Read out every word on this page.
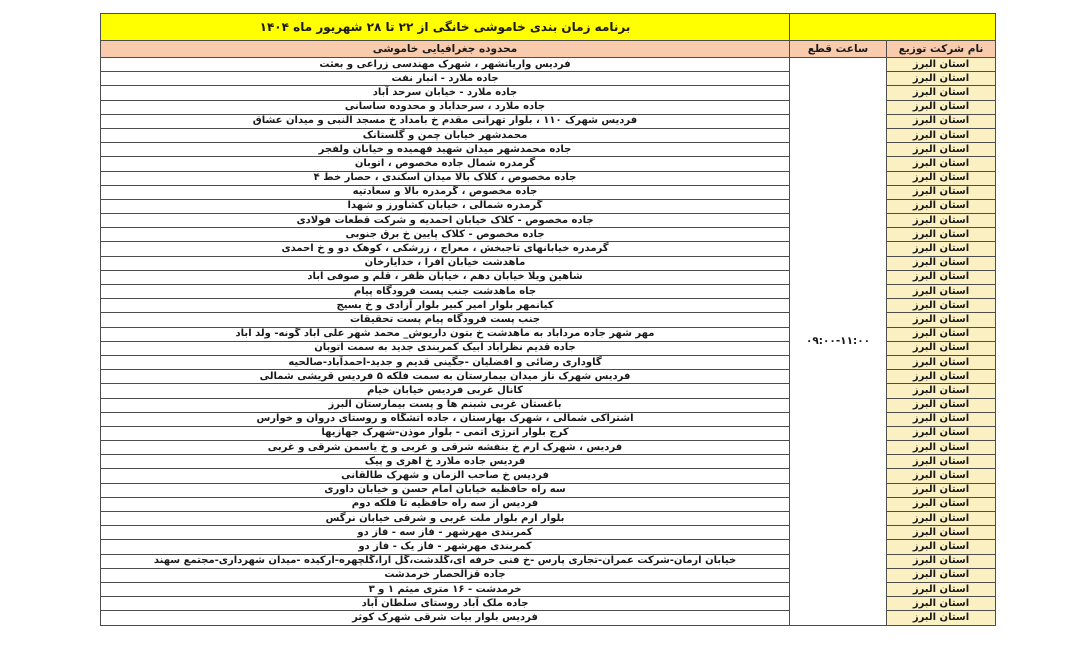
برنامه زمان بندی خاموشی خانگی از ۲۲ تا ۲۸ شهریور ماه ۱۴۰۴
نام شرکت توزیع
ساعت قطع
محدوده جغرافیایی خاموشی
۰۹:۰۰-۱۱:۰۰
استان البرز
فردیس واریانشهر ، شهرک مهندسی زراعی و بعثت
استان البرز
جاده ملارد - انبار نفت
استان البرز
جاده ملارد - خیابان سرحد آباد
استان البرز
جاده ملارد ، سرحدآباد و محدوده ساسانی
استان البرز
فردیس شهرک ۱۱۰ ، بلوار تهرانی مقدم خ بامداد خ مسجد النبی و میدان عشاق
استان البرز
محمدشهر خیابان چمن و گلستانک
استان البرز
جاده محمدشهر میدان شهید فهمیده و خیابان ولفجر
استان البرز
گرمدره شمال جاده مخصوص ، اتوبان
استان البرز
جاده مخصوص ، کلاک بالا میدان اسکندی ، حصار خط ۴
استان البرز
جاده مخصوص ، گرمدره بالا و سعادتیه
استان البرز
گرمدره شمالی ، خیابان کشاورز و شهدا
استان البرز
جاده مخصوص - کلاک خیابان احمدیه و شرکت قطعات فولادی
استان البرز
جاده مخصوص - کلاک پایین خ برق جنوبی
استان البرز
گرمدره خیابانهای تاجبخش ، معراج ، زرشکی ، کوهک دو و خ احمدی
استان البرز
ماهدشت خیابان افرا ، خدایارخان
استان البرز
شاهین ویلا خیابان دهم ، خیابان ظفر ، قلم و صوفی آباد
استان البرز
جاه ماهدشت جنب پست فرودگاه پیام
استان البرز
کیانمهر بلوار امیر کبیر بلوار آزادی و خ بسیج
استان البرز
جنب پست فرودگاه پیام پست تحقیقات
استان البرز
مهر شهر جاده مردآباد به ماهدشت خ بتون داریوش_ محمد شهر علی آباد گونه- ولد آباد
استان البرز
جاده قدیم نظرآباد آبیک کمربندی جدید به سمت اتوبان
استان البرز
گاوداری رضائی و افضلیان -جگینی قدیم و جدید-احمدآباد-صالحیه
استان البرز
فردیس شهرک ناز میدان بیمارستان به سمت فلکه ۵ فردیس قریشی شمالی
استان البرز
کانال غربی فردیس خیابان خیام
استان البرز
باغستان غربی شبنم ها و پست بیمارستان البرز
استان البرز
اشتراکی شمالی ، شهرک بهارستان ، جاده آتشگاه و روستای دروان و خوارس
استان البرز
کرج بلوار انرژی اتمی - بلوار موذن-شهرک جهازیها
استان البرز
فردیس ، شهرک ارم خ بنفشه شرقی و غربی و خ یاسمن شرقی و غربی
استان البرز
فردیس جاده ملارد خ اهری و پیک
استان البرز
فردیس خ صاحب الزمان و شهرک طالقانی
استان البرز
سه راه حافظیه خیابان امام حسن و خیابان داوری
استان البرز
فردیس از سه راه حافظیه تا فلکه دوم
استان البرز
بلوار ارم بلوار ملت غربی و شرقی خیابان نرگس
استان البرز
کمربندی مهرشهر - فاز سه - فاز دو
استان البرز
کمربندی مهرشهر - فاز یک - فاز دو
استان البرز
خیابان آرمان-شرکت عمران-تجاری پارس -خ فنی حرفه ای،گلدشت،گل آرا،گلچهره-ارکیده -میدان شهرداری-مجتمع سهند
استان البرز
جاده قزالحصار خرمدشت
استان البرز
خرمدشت - ۱۶ متری میثم ۱ و ۳
استان البرز
جاده ملک آباد روستای سلطان آباد
استان البرز
فردیس بلوار بیات شرقی شهرک کوثر
